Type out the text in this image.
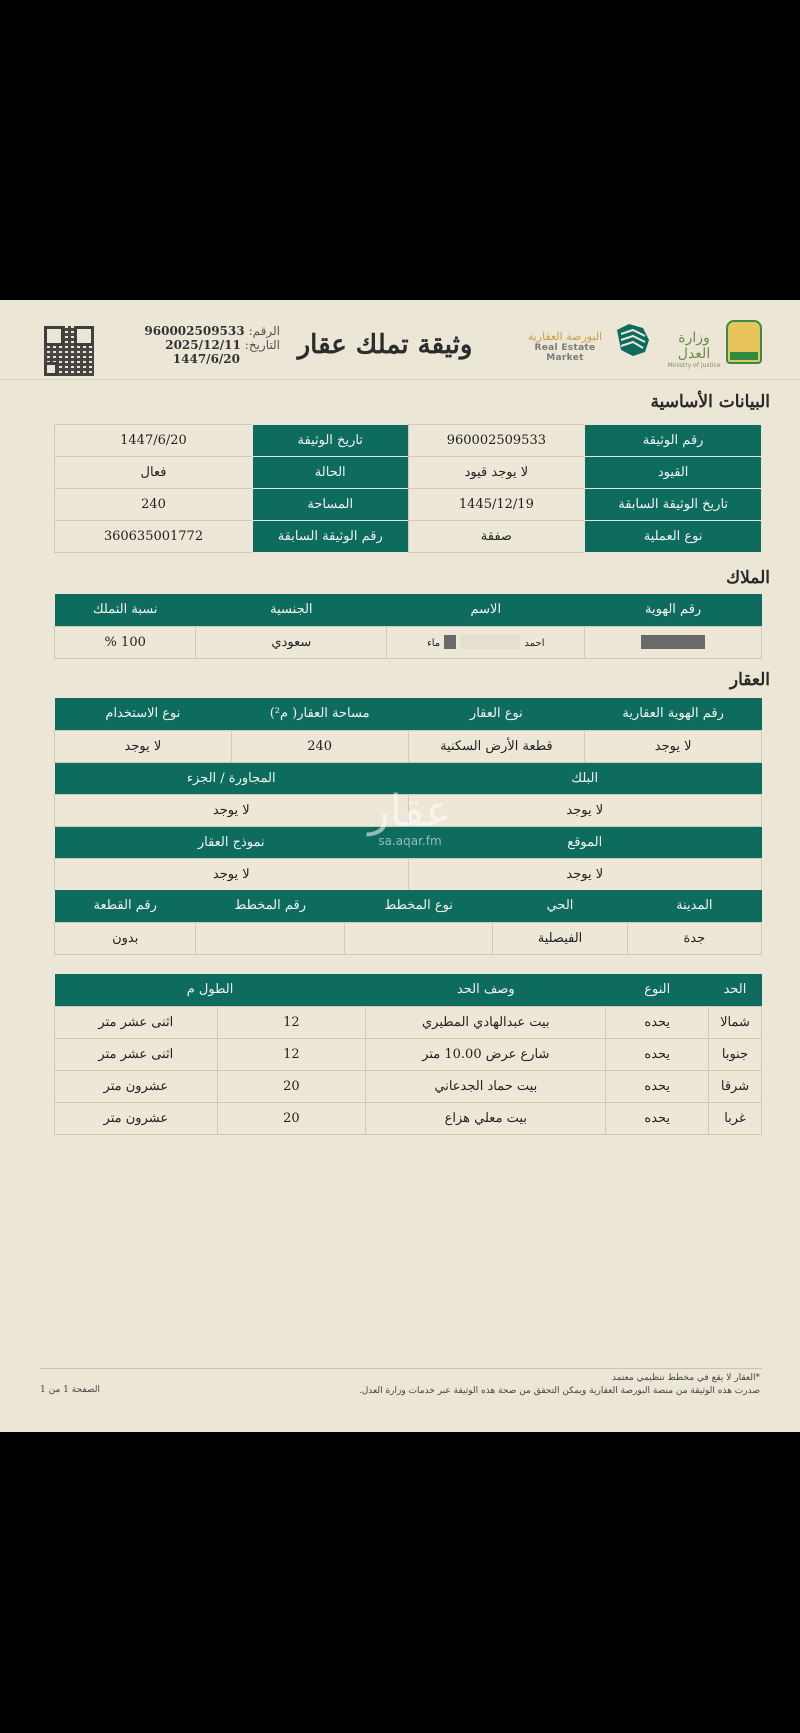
الرقم:
960002509533
التاريخ:
2025/12/11
1447/6/20 وثيقة تملك عقار	البورصة العقارية
Real Estate Market
وزارة العدل
Ministry of Justice
البيانات الأساسية
رقم الوثيقة	960002509533	تاريخ الوثيقة	1447/6/20
القيود	لا يوجد قيود	الحالة	فعال
تاريخ الوثيقة السابقة	1445/12/19	المساحة	240
نوع العملية	صفقة	رقم الوثيقة السابقة	360635001772
الملاك
رقم الهوية	الاسم	الجنسية	نسبة التملك
	احمد   ماء	سعودي	100 %
العقار
رقم الهوية العقارية	نوع العقار	مساحة العقار( م²)	نوع الاستخدام
لا يوجد	قطعة الأرض السكنية	240	لا يوجد
البلك		المجاورة / الجزء	
لا يوجد		لا يوجد	
الموقع		نموذج العقار	
لا يوجد		لا يوجد	
المدينة	الحي	نوع المخطط	رقم المخطط	رقم القطعة
جدة	الفيصلية			بدون
الحد	النوع	وصف الحد	الطول م	
شمالا	يحده	بيت عبدالهادي المطيري	12	اثنى عشر متر
جنوبا	يحده	شارع عرض 10.00 متر	12	اثنى عشر متر
شرقا	يحده	بيت حماد الجدعاني	20	عشرون متر
غربا	يحده	بيت معلي هزاع	20	عشرون متر
عقار
sa.aqar.fm
*العقار لا يقع في مخطط تنظيمي معتمد
صدرت هذه الوثيقة من منصة البورصة العقارية ويمكن التحقق من صحة هذه الوثيقة عبر خدمات وزارة العدل.
الصفحة 1 من 1
